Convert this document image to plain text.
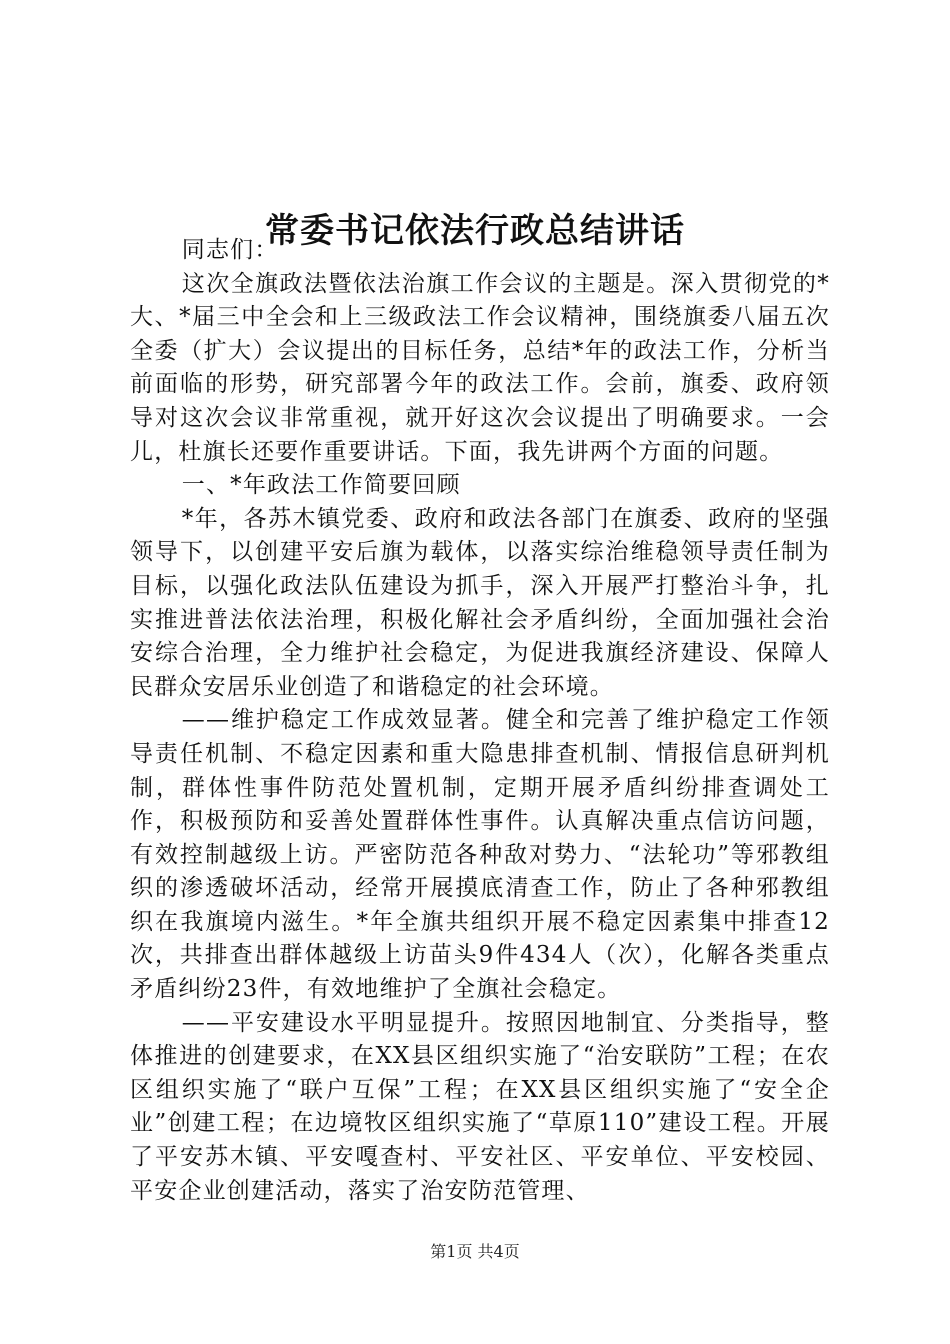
常委书记依法行政总结讲话

同志们：

这次全旗政法暨依法治旗工作会议的主题是。深入贯彻党的*大、*届三中全会和上三级政法工作会议精神，围绕旗委八届五次全委（扩大）会议提出的目标任务，总结*年的政法工作，分析当前面临的形势，研究部署今年的政法工作。会前，旗委、政府领导对这次会议非常重视，就开好这次会议提出了明确要求。一会儿，杜旗长还要作重要讲话。下面，我先讲两个方面的问题。

一、*年政法工作简要回顾

*年，各苏木镇党委、政府和政法各部门在旗委、政府的坚强领导下，以创建平安后旗为载体，以落实综治维稳领导责任制为目标，以强化政法队伍建设为抓手，深入开展严打整治斗争，扎实推进普法依法治理，积极化解社会矛盾纠纷，全面加强社会治安综合治理，全力维护社会稳定，为促进我旗经济建设、保障人民群众安居乐业创造了和谐稳定的社会环境。

——维护稳定工作成效显著。健全和完善了维护稳定工作领导责任机制、不稳定因素和重大隐患排查机制、情报信息研判机制，群体性事件防范处置机制，定期开展矛盾纠纷排查调处工作，积极预防和妥善处置群体性事件。认真解决重点信访问题，有效控制越级上访。严密防范各种敌对势力、“法轮功”等邪教组织的渗透破坏活动，经常开展摸底清查工作，防止了各种邪教组织在我旗境内滋生。*年全旗共组织开展不稳定因素集中排查12次，共排查出群体越级上访苗头9件434人（次），化解各类重点矛盾纠纷23件，有效地维护了全旗社会稳定。

——平安建设水平明显提升。按照因地制宜、分类指导，整体推进的创建要求，在XX县区组织实施了“治安联防”工程；在农区组织实施了“联户互保”工程；在XX县区组织实施了“安全企业”创建工程；在边境牧区组织实施了“草原110”建设工程。开展了平安苏木镇、平安嘎查村、平安社区、平安单位、平安校园、平安企业创建活动，落实了治安防范管理、

第1页 共4页
